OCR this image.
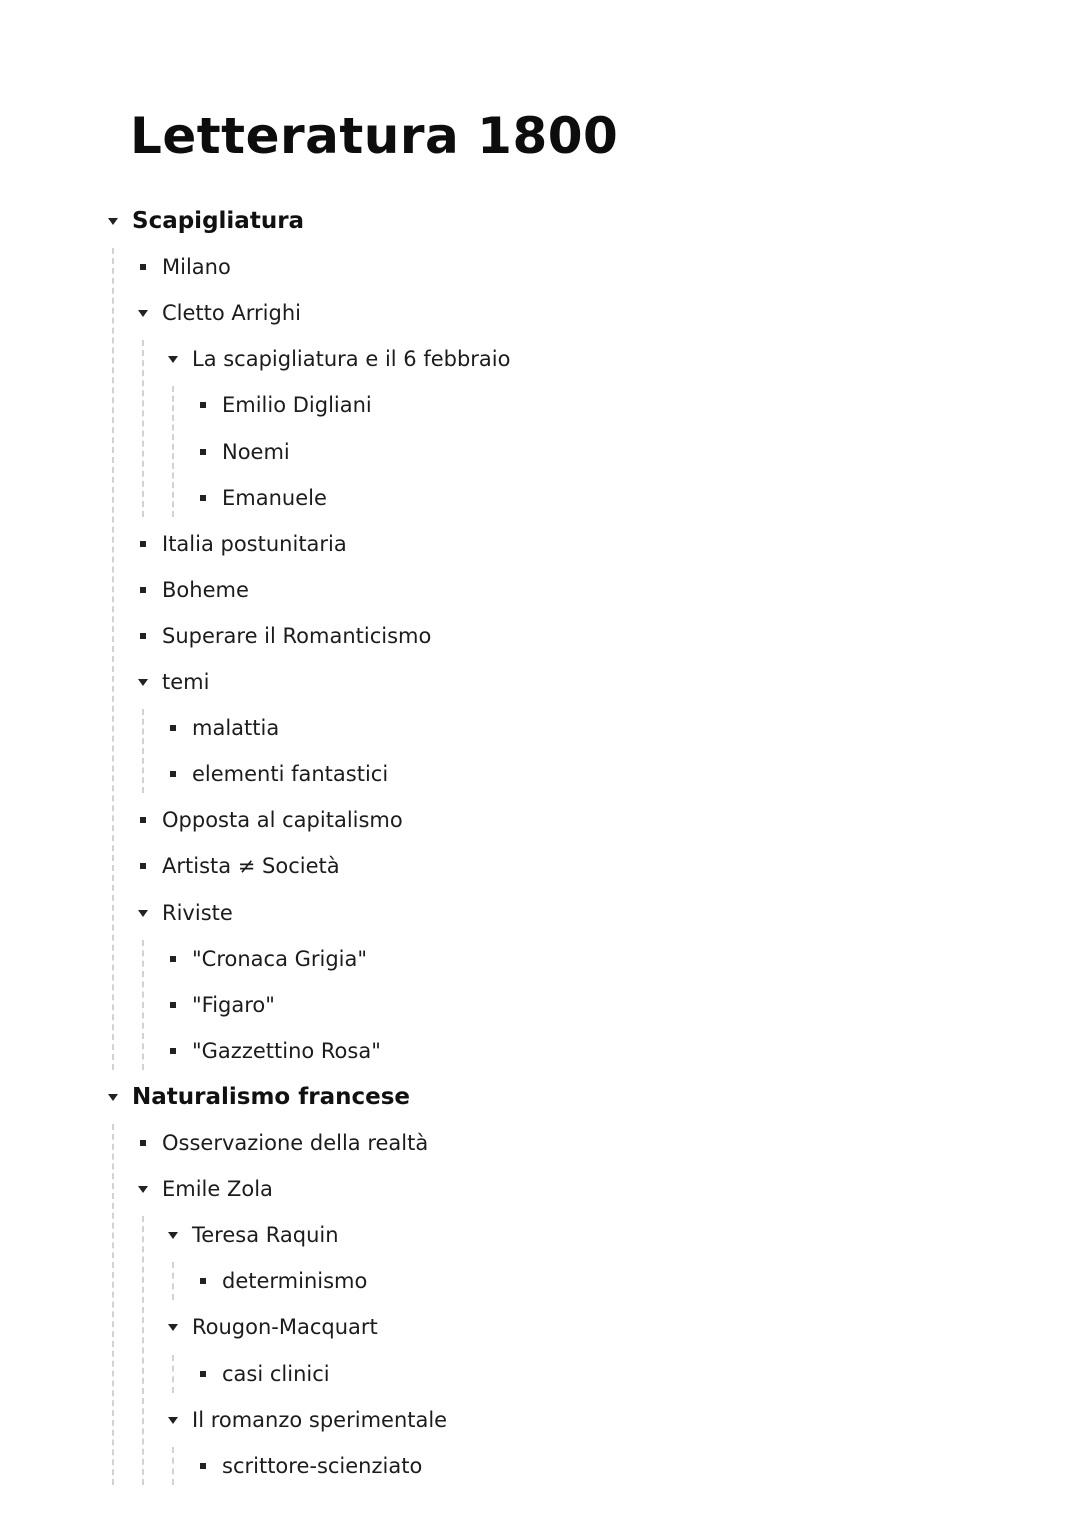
Letteratura 1800
Scapigliatura
Milano
Cletto Arrighi
La scapigliatura e il 6 febbraio
Emilio Digliani
Noemi
Emanuele
Italia postunitaria
Boheme
Superare il Romanticismo
temi
malattia
elementi fantastici
Opposta al capitalismo
Artista ≠ Società
Riviste
"Cronaca Grigia"
"Figaro"
"Gazzettino Rosa"
Naturalismo francese
Osservazione della realtà
Emile Zola
Teresa Raquin
determinismo
Rougon-Macquart
casi clinici
Il romanzo sperimentale
scrittore-scienziato
